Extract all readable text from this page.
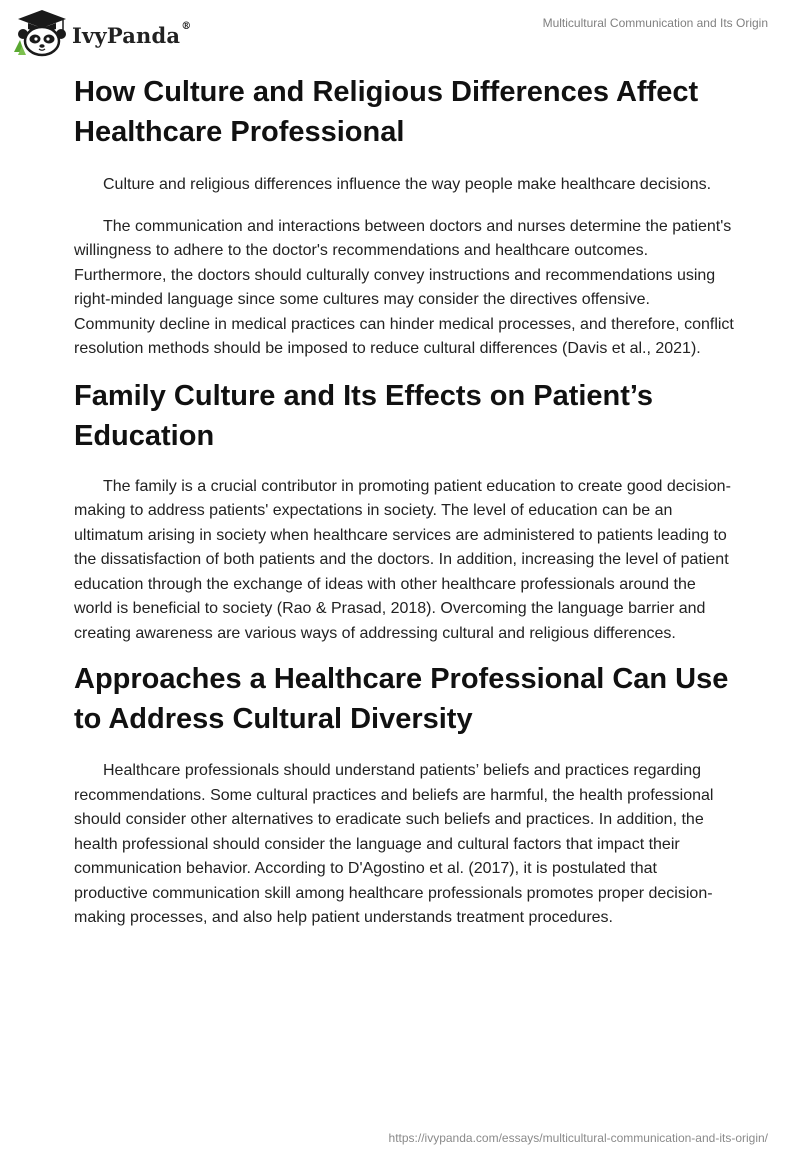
IvyPanda®	Multicultural Communication and Its Origin
How Culture and Religious Differences Affect Healthcare Professional

Culture and religious differences influence the way people make healthcare decisions.

The communication and interactions between doctors and nurses determine the patient's willingness to adhere to the doctor's recommendations and healthcare outcomes. Furthermore, the doctors should culturally convey instructions and recommendations using right-minded language since some cultures may consider the directives offensive. Community decline in medical practices can hinder medical processes, and therefore, conflict resolution methods should be imposed to reduce cultural differences (Davis et al., 2021).

Family Culture and Its Effects on Patient’s Education

The family is a crucial contributor in promoting patient education to create good decision-making to address patients' expectations in society. The level of education can be an ultimatum arising in society when healthcare services are administered to patients leading to the dissatisfaction of both patients and the doctors. In addition, increasing the level of patient education through the exchange of ideas with other healthcare professionals around the world is beneficial to society (Rao & Prasad, 2018). Overcoming the language barrier and creating awareness are various ways of addressing cultural and religious differences.

Approaches a Healthcare Professional Can Use to Address Cultural Diversity

Healthcare professionals should understand patients’ beliefs and practices regarding recommendations. Some cultural practices and beliefs are harmful, the health professional should consider other alternatives to eradicate such beliefs and practices. In addition, the health professional should consider the language and cultural factors that impact their communication behavior. According to D'Agostino et al. (2017), it is postulated that productive communication skill among healthcare professionals promotes proper decision-making processes, and also help patient understands treatment procedures.

https://ivypanda.com/essays/multicultural-communication-and-its-origin/
